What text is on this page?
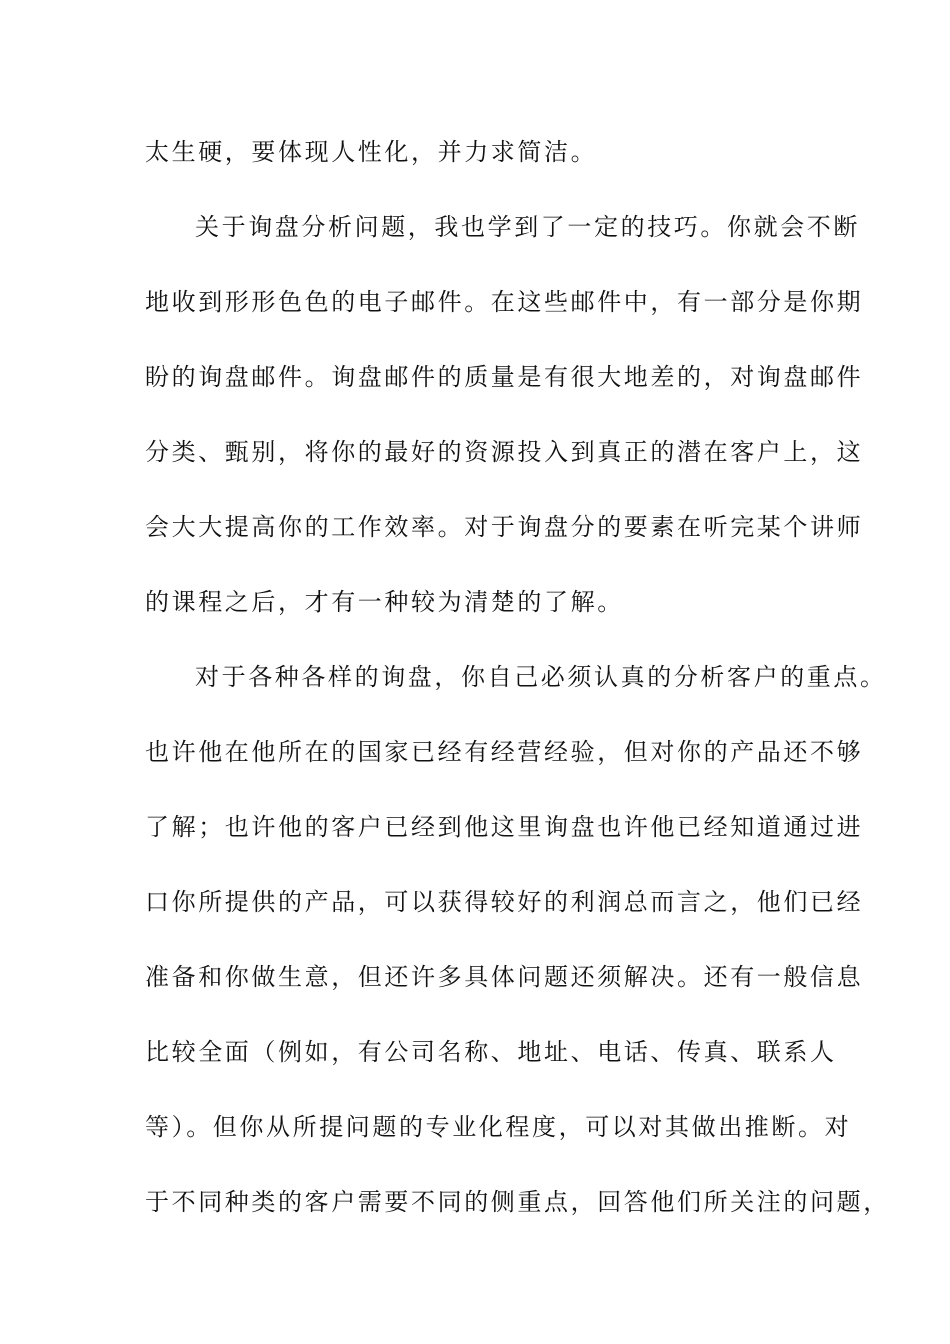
太生硬，要体现人性化，并力求简洁。
关于询盘分析问题，我也学到了一定的技巧。你就会不断
地收到形形色色的电子邮件。在这些邮件中，有一部分是你期
盼的询盘邮件。询盘邮件的质量是有很大地差的，对询盘邮件
分类、甄别，将你的最好的资源投入到真正的潜在客户上，这
会大大提高你的工作效率。对于询盘分的要素在听完某个讲师
的课程之后，才有一种较为清楚的了解。
对于各种各样的询盘，你自己必须认真的分析客户的重点。
也许他在他所在的国家已经有经营经验，但对你的产品还不够
了解；也许他的客户已经到他这里询盘也许他已经知道通过进
口你所提供的产品，可以获得较好的利润总而言之，他们已经
准备和你做生意，但还许多具体问题还须解决。还有一般信息
比较全面（例如，有公司名称、地址、电话、传真、联系人
等）。但你从所提问题的专业化程度，可以对其做出推断。对
于不同种类的客户需要不同的侧重点，回答他们所关注的问题，
